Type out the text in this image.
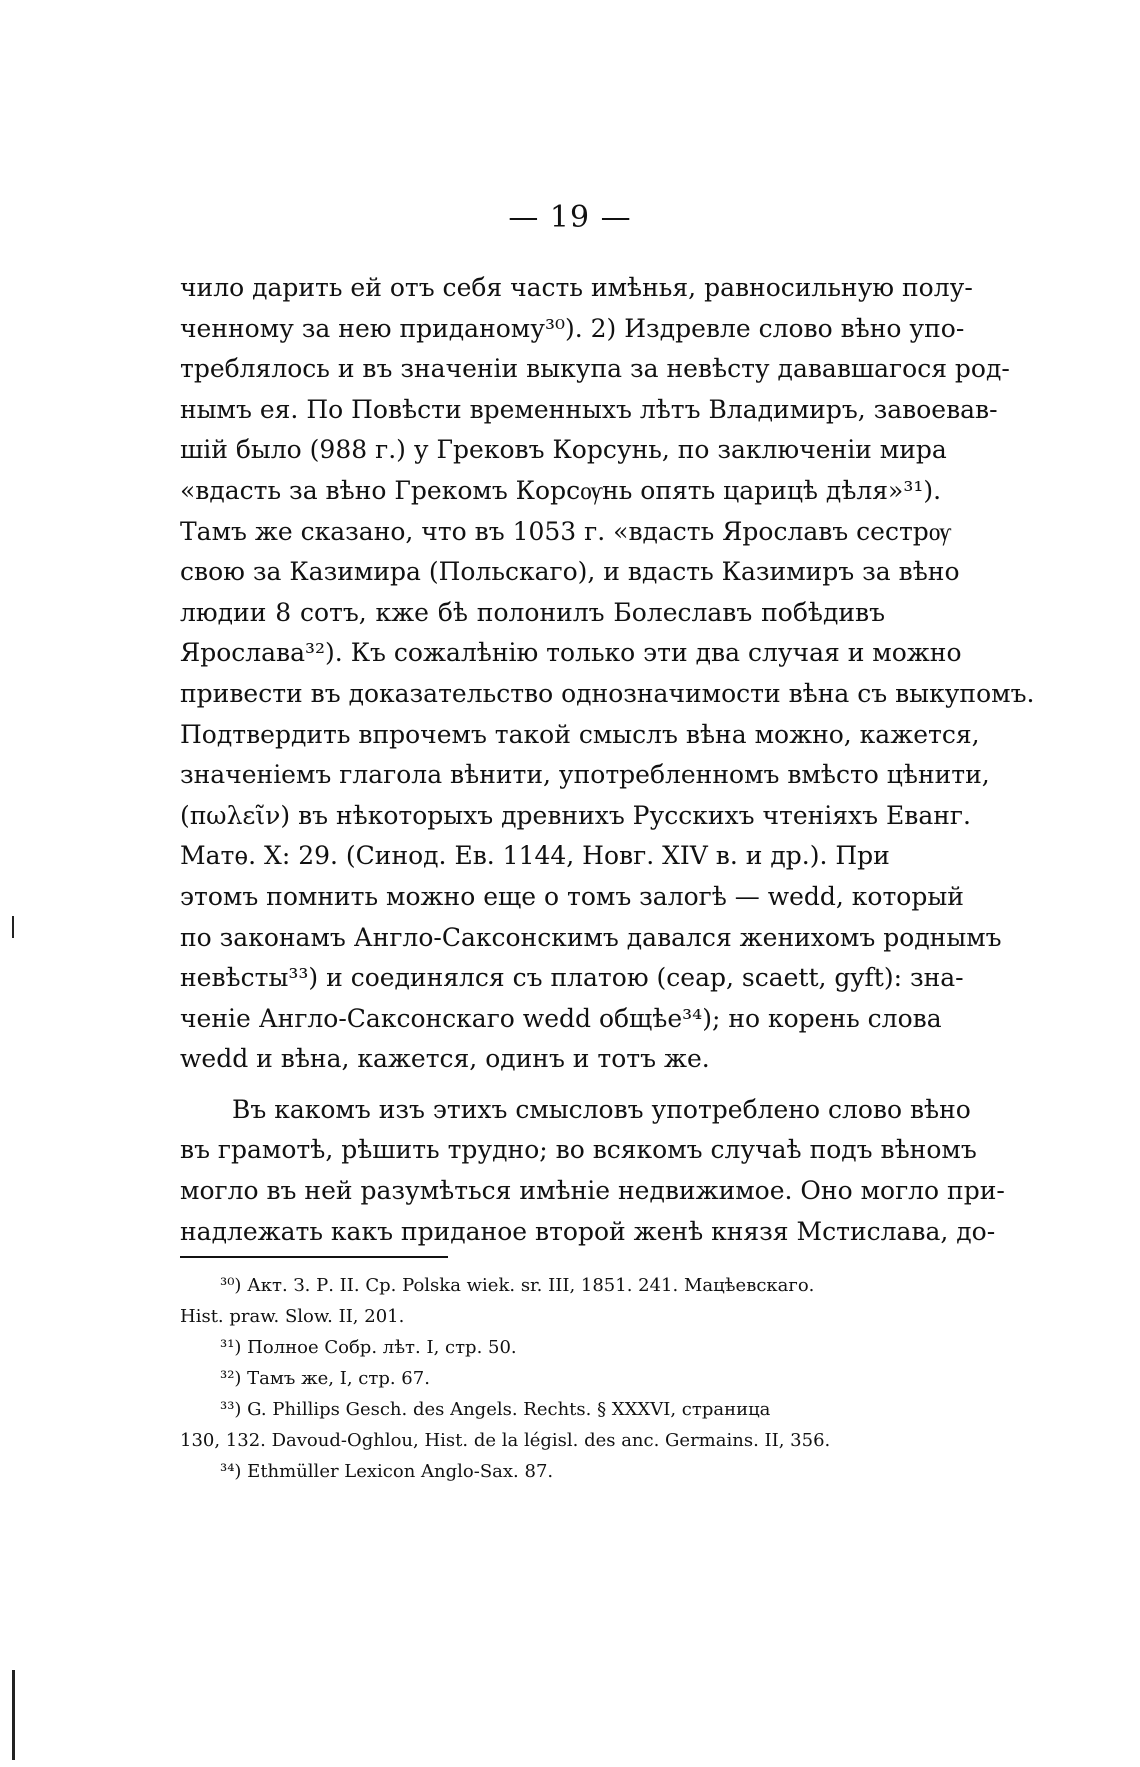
— 19 —
чило дарить ей отъ себя часть имѣнья, равносильную полу-
ченному за нею приданому³⁰). 2) Издревле слово вѣно упо-
треблялось и въ значеніи выкупа за невѣсту дававшагося род-
нымъ ея. По Повѣсти временныхъ лѣтъ Владимиръ, завоевав-
шій было (988 г.) у Грековъ Корсунь, по заключеніи мира
«вдасть за вѣно Грекомъ Корсѹнь опять царицѣ дѣля»³¹).
Тамъ же сказано, что въ 1053 г. «вдасть Ярославъ сестрѹ
свою за Казимира (Польскаго), и вдасть Казимиръ за вѣно
людии 8 сотъ, кже бѣ полонилъ Болеславъ побѣдивъ
Ярослава³²). Къ сожалѣнію только эти два случая и можно
привести въ доказательство однозначимости вѣна съ выкупомъ.
Подтвердить впрочемъ такой смыслъ вѣна можно, кажется,
значеніемъ глагола вѣнити, употребленномъ вмѣсто цѣнити,
(πωλεῖν) въ нѣкоторыхъ древнихъ Русскихъ чтеніяхъ Еванг.
Матѳ. X: 29. (Синод. Ев. 1144, Новг. XIV в. и др.). При
этомъ помнить можно еще о томъ залогѣ — wedd, который
по законамъ Англо-Саксонскимъ давался женихомъ роднымъ
невѣсты³³) и соединялся съ платою (ceap, scaett, gyft): зна-
ченіе Англо-Саксонскаго wedd общѣе³⁴); но корень слова
wedd и вѣна, кажется, одинъ и тотъ же.
Въ какомъ изъ этихъ смысловъ употреблено слово вѣно
въ грамотѣ, рѣшить трудно; во всякомъ случаѣ подъ вѣномъ
могло въ ней разумѣться имѣніе недвижимое. Оно могло при-
надлежать какъ приданое второй женѣ князя Мстислава, до-
³⁰) Акт. З. Р. II. Ср. Polska wiek. sr. III, 1851. 241. Мацѣевскаго.
Hist. praw. Slow. II, 201.
³¹) Полное Собр. лѣт. I, стр. 50.
³²) Тамъ же, I, стр. 67.
³³) G. Phillips Gesch. des Angels. Rechts. § XXXVI, страница
130, 132. Davoud-Oghlou, Hist. de la législ. des anc. Germains. II, 356.
³⁴) Ethmüller Lexicon Anglo-Sax. 87.
